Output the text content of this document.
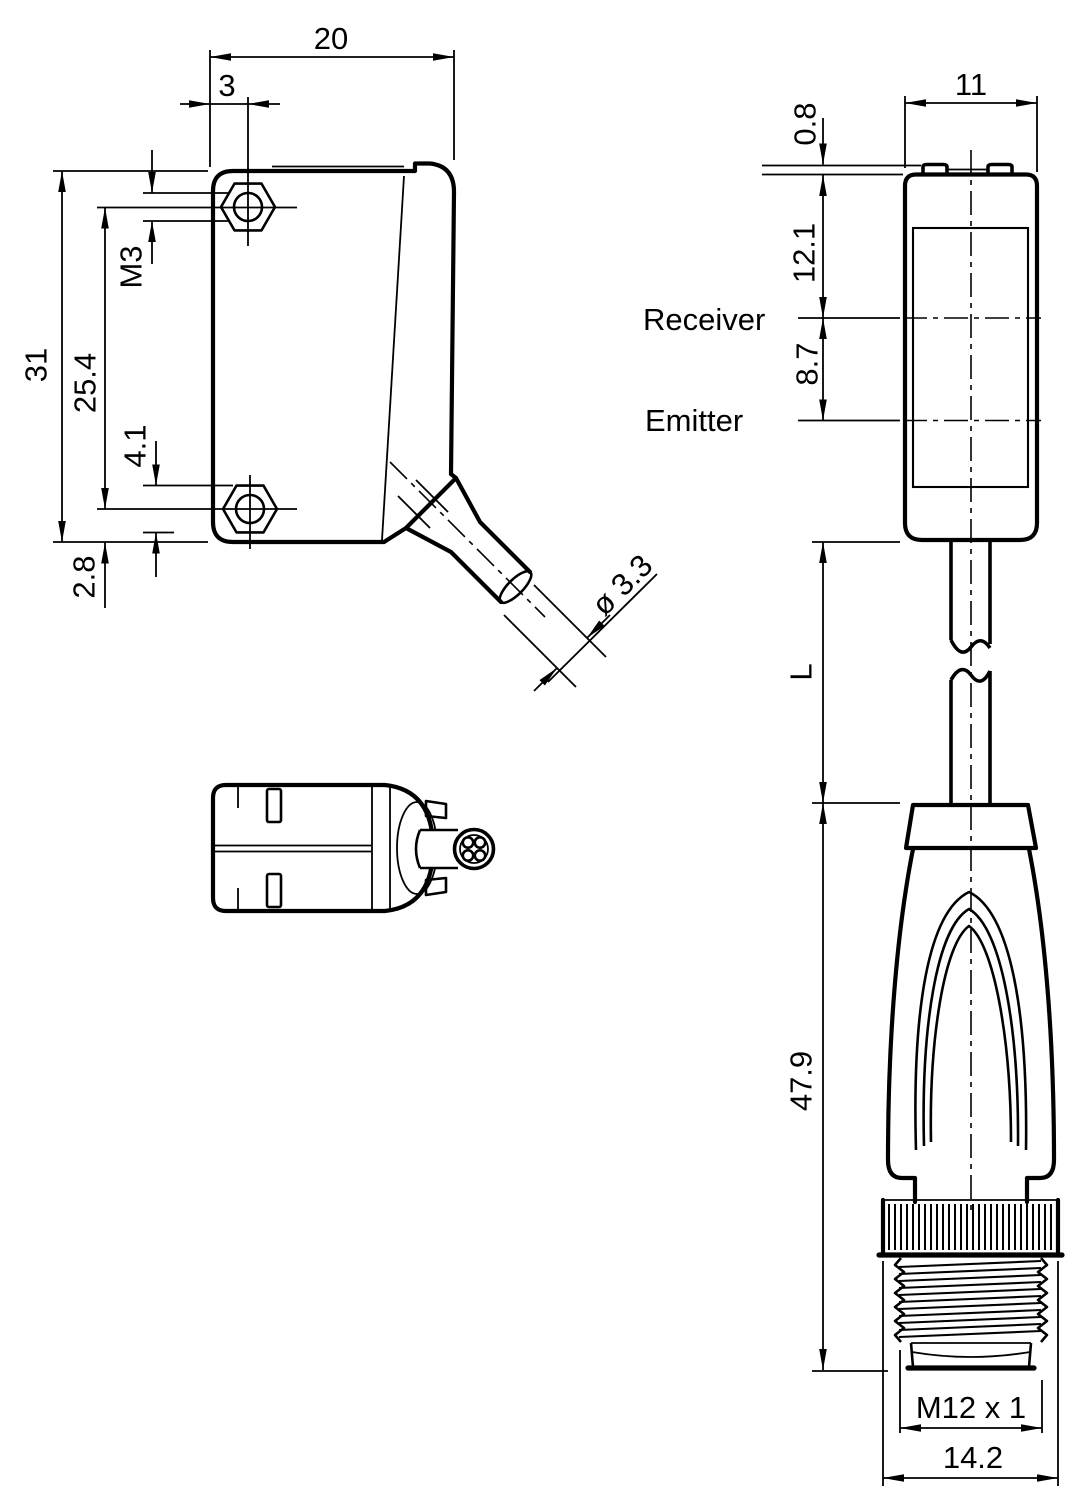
20
3
M3
31 25.4
4.1
2.8	ø 3.3
11
0.8
12.1
8.7
Receiver
Emitter
L
47.9
M12 x 1
14.2
